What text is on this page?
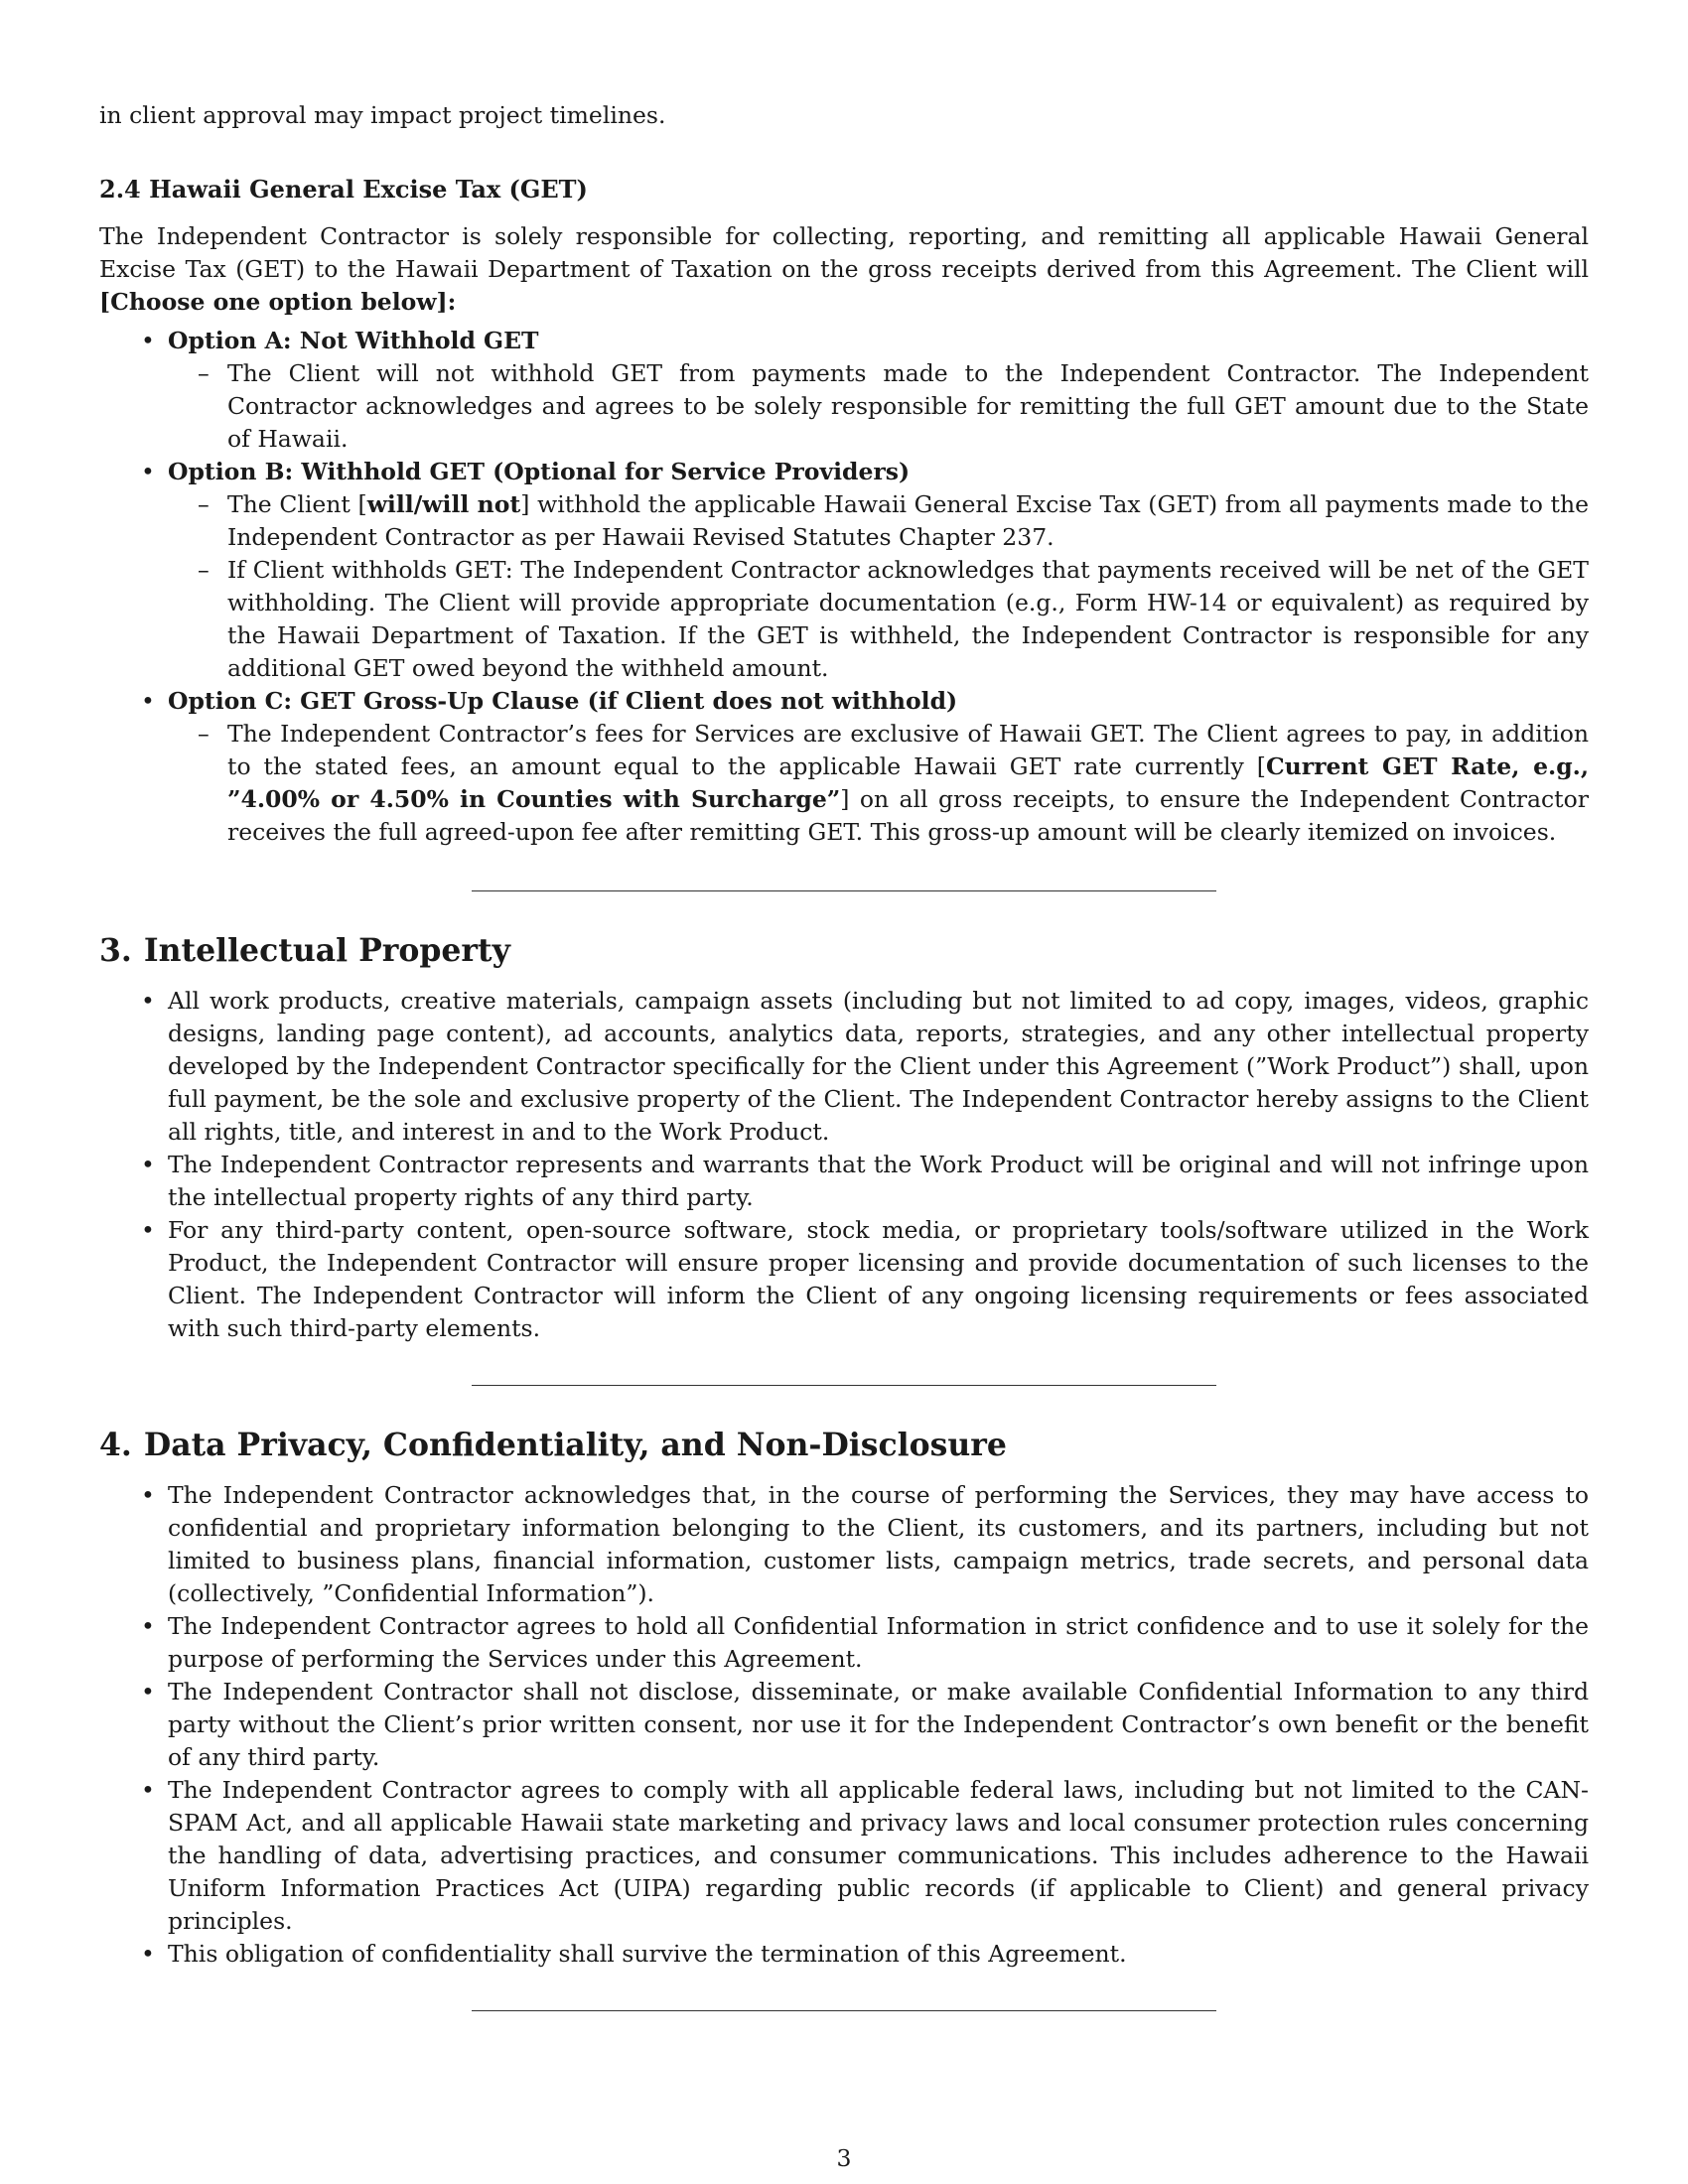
in client approval may impact project timelines.

2.4 Hawaii General Excise Tax (GET)

The Independent Contractor is solely responsible for collecting, reporting, and remitting all applicable Hawaii General Excise Tax (GET) to the Hawaii Department of Taxation on the gross receipts derived from this Agreement. The Client will [Choose one option below]:

• Option A: Not Withhold GET
– The Client will not withhold GET from payments made to the Independent Contractor. The Independent Contractor acknowledges and agrees to be solely responsible for remitting the full GET amount due to the State of Hawaii.
• Option B: Withhold GET (Optional for Service Providers)
– The Client [will/will not] withhold the applicable Hawaii General Excise Tax (GET) from all payments made to the Independent Contractor as per Hawaii Revised Statutes Chapter 237.
– If Client withholds GET: The Independent Contractor acknowledges that payments received will be net of the GET withholding. The Client will provide appropriate documentation (e.g., Form HW-14 or equivalent) as required by the Hawaii Department of Taxation. If the GET is withheld, the Independent Contractor is responsible for any additional GET owed beyond the withheld amount.
• Option C: GET Gross-Up Clause (if Client does not withhold)
– The Independent Contractor’s fees for Services are exclusive of Hawaii GET. The Client agrees to pay, in addition to the stated fees, an amount equal to the applicable Hawaii GET rate currently [Current GET Rate, e.g., ”4.00% or 4.50% in Counties with Surcharge”] on all gross receipts, to ensure the Independent Contractor receives the full agreed-upon fee after remitting GET. This gross-up amount will be clearly itemized on invoices.
3. Intellectual Property
• All work products, creative materials, campaign assets (including but not limited to ad copy, images, videos, graphic designs, landing page content), ad accounts, analytics data, reports, strategies, and any other intellectual property developed by the Independent Contractor specifically for the Client under this Agreement (”Work Product”) shall, upon full payment, be the sole and exclusive property of the Client. The Independent Contractor hereby assigns to the Client all rights, title, and interest in and to the Work Product.
• The Independent Contractor represents and warrants that the Work Product will be original and will not infringe upon the intellectual property rights of any third party.
• For any third-party content, open-source software, stock media, or proprietary tools/software utilized in the Work Product, the Independent Contractor will ensure proper licensing and provide documentation of such licenses to the Client. The Independent Contractor will inform the Client of any ongoing licensing requirements or fees associated with such third-party elements.
4. Data Privacy, Confidentiality, and Non-Disclosure
• The Independent Contractor acknowledges that, in the course of performing the Services, they may have access to confidential and proprietary information belonging to the Client, its customers, and its partners, including but not limited to business plans, financial information, customer lists, campaign metrics, trade secrets, and personal data (collectively, ”Confidential Information”).
• The Independent Contractor agrees to hold all Confidential Information in strict confidence and to use it solely for the purpose of performing the Services under this Agreement.
• The Independent Contractor shall not disclose, disseminate, or make available Confidential Information to any third party without the Client’s prior written consent, nor use it for the Independent Contractor’s own benefit or the benefit of any third party.
• The Independent Contractor agrees to comply with all applicable federal laws, including but not limited to the CAN-SPAM Act, and all applicable Hawaii state marketing and privacy laws and local consumer protection rules concerning the handling of data, advertising practices, and consumer communications. This includes adherence to the Hawaii Uniform Information Practices Act (UIPA) regarding public records (if applicable to Client) and general privacy principles.
• This obligation of confidentiality shall survive the termination of this Agreement.
3
